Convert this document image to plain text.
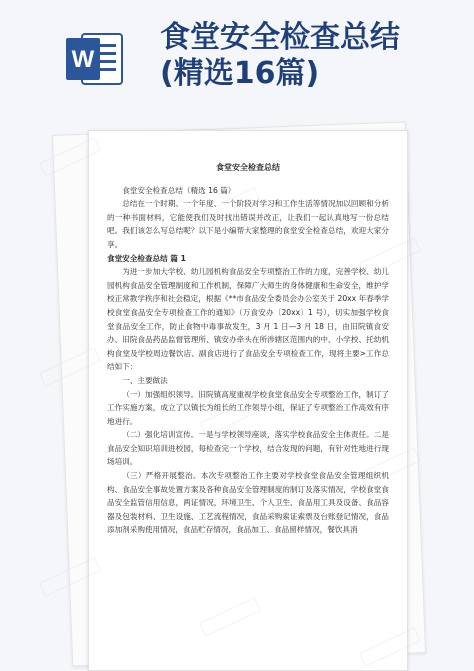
W
食堂安全检查总结
(精选16篇)

食堂安全检查总结

食堂安全检查总结（精选 16 篇）

总结在一个时期、一个年度、一个阶段对学习和工作生活等情况加以回顾和分析的一种书面材料，它能使我们及时找出错误并改正，让我们一起认真地写一份总结吧。我们该怎么写总结呢？以下是小编帮大家整理的食堂安全检查总结，欢迎大家分享。

食堂安全检查总结 篇 1

为进一步加大学校、幼儿园机构食品安全专项整治工作的力度，完善学校、幼儿园机构食品安全管理制度和工作机制，保障广大师生的身体健康和生命安全，维护学校正常教学秩序和社会稳定，根据《**市食品安全委员会办公室关于 20xx 年春季学校食堂食品安全专项检查工作的通知》（万食安办〔20xx〕1 号），切实加强学校食堂食品安全工作，防止食物中毒事故发生，3 月 1 日—3 月 18 日，由旧院镇食安办、旧院食品药品监督管理所、镇安办牵头在所涉辖区范围内的中、小学校、托幼机构食堂及学校周边餐饮店、副食店进行了食品安全专项检查工作，现将主要>工作总结如下：

一、主要做法

（一）加强组织领导。旧院镇高度重视学校食堂食品安全专项整治工作，制订了工作实施方案，成立了以镇长为组长的工作领导小组，保证了专项整治工作高效有序地进行。

（二）强化培训宣传。一是与学校领导座谈，落实学校食品安全主体责任。二是食品安全知识培训进校园，每检查完一个学校，结合发现的问题，有针对性地进行现场培训。

（三）严格开展整治。本次专项整治工作主要对学校食堂食品安全管理组织机构、食品安全事故处置方案及各种食品安全管理制度的制订及落实情况，学校食堂食品安全监管信用信息，两证情况，环境卫生、个人卫生、食品用工具及设备、食品容器及包装材料、卫生设施、工艺流程情况，食品采购索证索票及台账登记情况，食品添加剂采购使用情况，食品贮存情况，食品加工、食品留样情况，餐饮具消
